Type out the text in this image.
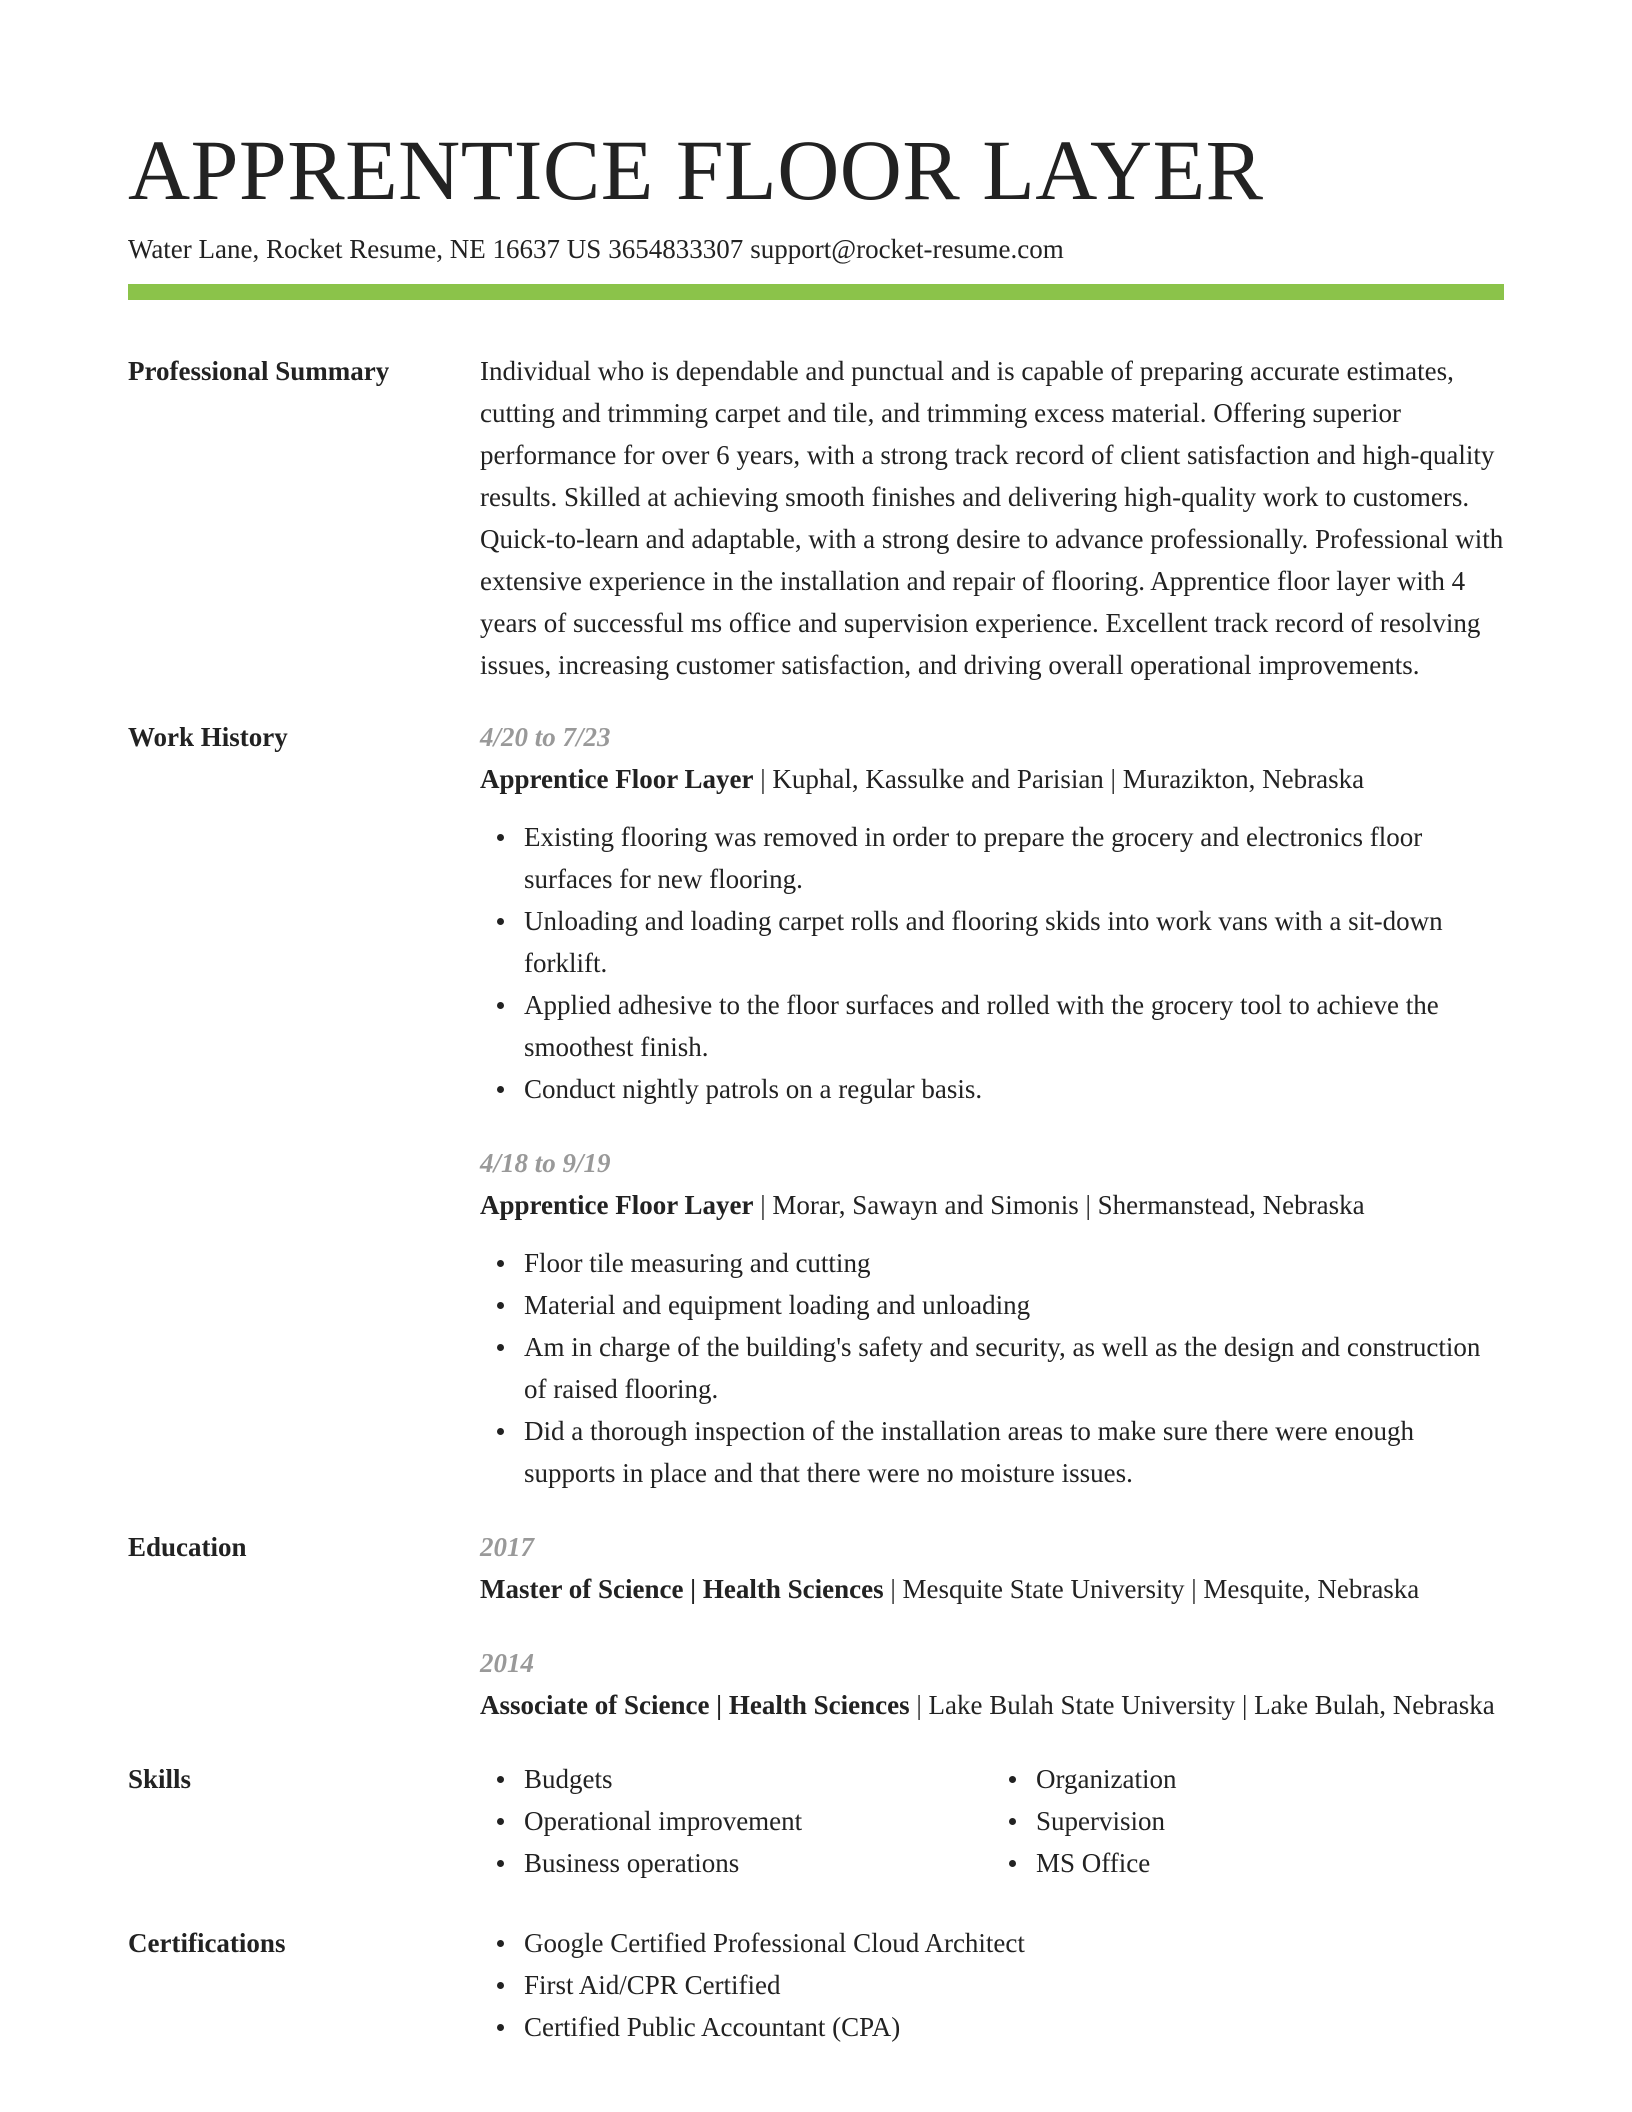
APPRENTICE FLOOR LAYER
Water Lane, Rocket Resume, NE 16637 US 3654833307 support@rocket-resume.com
Professional Summary	Individual who is dependable and punctual and is capable of preparing accurate estimates, cutting and trimming carpet and tile, and trimming excess material. Offering superior performance for over 6 years, with a strong track record of client satisfaction and high-quality results. Skilled at achieving smooth finishes and delivering high-quality work to customers. Quick-to-learn and adaptable, with a strong desire to advance professionally. Professional with extensive experience in the installation and repair of flooring. Apprentice floor layer with 4 years of successful ms office and supervision experience. Excellent track record of resolving issues, increasing customer satisfaction, and driving overall operational improvements.
Work History	4/20 to 7/23
Apprentice Floor Layer | Kuphal, Kassulke and Parisian | Murazikton, Nebraska
Existing flooring was removed in order to prepare the grocery and electronics floor surfaces for new flooring.
Unloading and loading carpet rolls and flooring skids into work vans with a sit-down forklift.
Applied adhesive to the floor surfaces and rolled with the grocery tool to achieve the smoothest finish.
Conduct nightly patrols on a regular basis.
4/18 to 9/19
Apprentice Floor Layer | Morar, Sawayn and Simonis | Shermanstead, Nebraska
Floor tile measuring and cutting
Material and equipment loading and unloading
Am in charge of the building's safety and security, as well as the design and construction of raised flooring.
Did a thorough inspection of the installation areas to make sure there were enough supports in place and that there were no moisture issues.
Education	2017
Master of Science | Health Sciences | Mesquite State University | Mesquite, Nebraska
2014
Associate of Science | Health Sciences | Lake Bulah State University | Lake Bulah, Nebraska
Skills	Budgets
Operational improvement
Business operations
Organization
Supervision
MS Office
Certifications	Google Certified Professional Cloud Architect
First Aid/CPR Certified
Certified Public Accountant (CPA)
